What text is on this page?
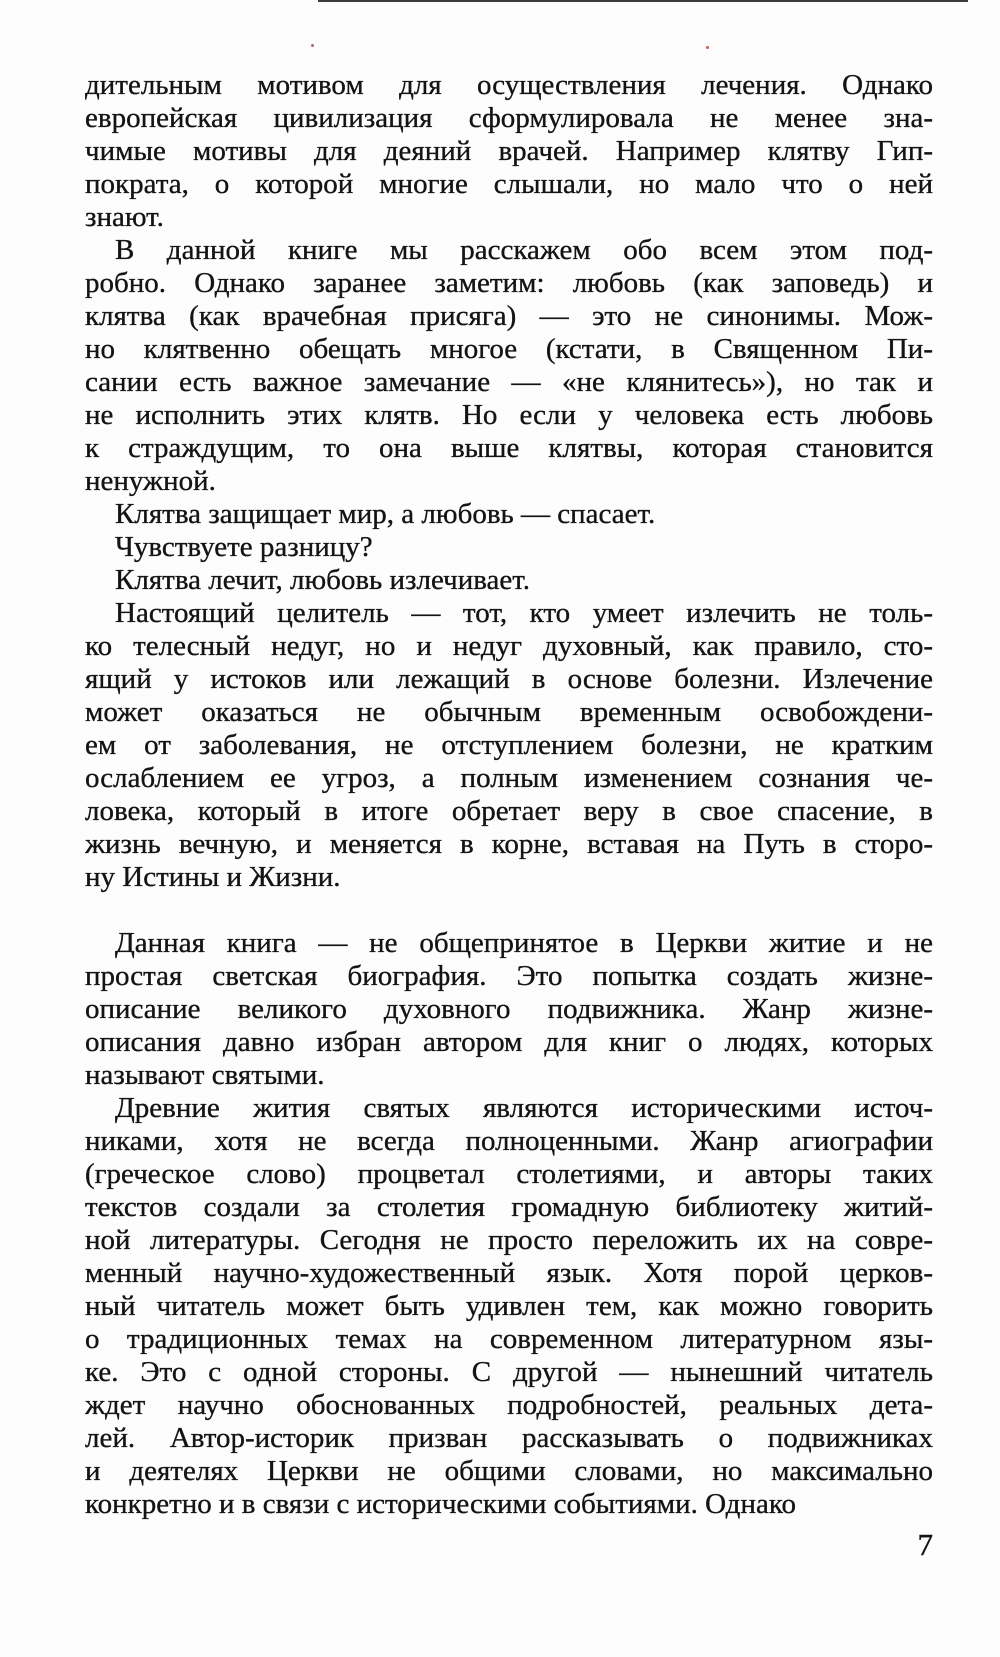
дительным мотивом для осуществления лечения. Однако
европейская цивилизация сформулировала не менее зна-
чимые мотивы для деяний врачей. Например клятву Гип-
пократа, о которой многие слышали, но мало что о ней
знают.
В данной книге мы расскажем обо всем этом под-
робно. Однако заранее заметим: любовь (как заповедь) и
клятва (как врачебная присяга) — это не синонимы. Мож-
но клятвенно обещать многое (кстати, в Священном Пи-
сании есть важное замечание — «не клянитесь»), но так и
не исполнить этих клятв. Но если у человека есть любовь
к страждущим, то она выше клятвы, которая становится
ненужной.
Клятва защищает мир, а любовь — спасает.
Чувствуете разницу?
Клятва лечит, любовь излечивает.
Настоящий целитель — тот, кто умеет излечить не толь-
ко телесный недуг, но и недуг духовный, как правило, сто-
ящий у истоков или лежащий в основе болезни. Излечение
может оказаться не обычным временным освобождени-
ем от заболевания, не отступлением болезни, не кратким
ослаблением ее угроз, а полным изменением сознания че-
ловека, который в итоге обретает веру в свое спасение, в
жизнь вечную, и меняется в корне, вставая на Путь в сторо-
ну Истины и Жизни.
Данная книга — не общепринятое в Церкви житие и не
простая светская биография. Это попытка создать жизне-
описание великого духовного подвижника. Жанр жизне-
описания давно избран автором для книг о людях, которых
называют святыми.
Древние жития святых являются историческими источ-
никами, хотя не всегда полноценными. Жанр агиографии
(греческое слово) процветал столетиями, и авторы таких
текстов создали за столетия громадную библиотеку житий-
ной литературы. Сегодня не просто переложить их на совре-
менный научно-художественный язык. Хотя порой церков-
ный читатель может быть удивлен тем, как можно говорить
о традиционных темах на современном литературном язы-
ке. Это с одной стороны. С другой — нынешний читатель
ждет научно обоснованных подробностей, реальных дета-
лей. Автор-историк призван рассказывать о подвижниках
и деятелях Церкви не общими словами, но максимально
конкретно и в связи с историческими событиями. Однако
7
